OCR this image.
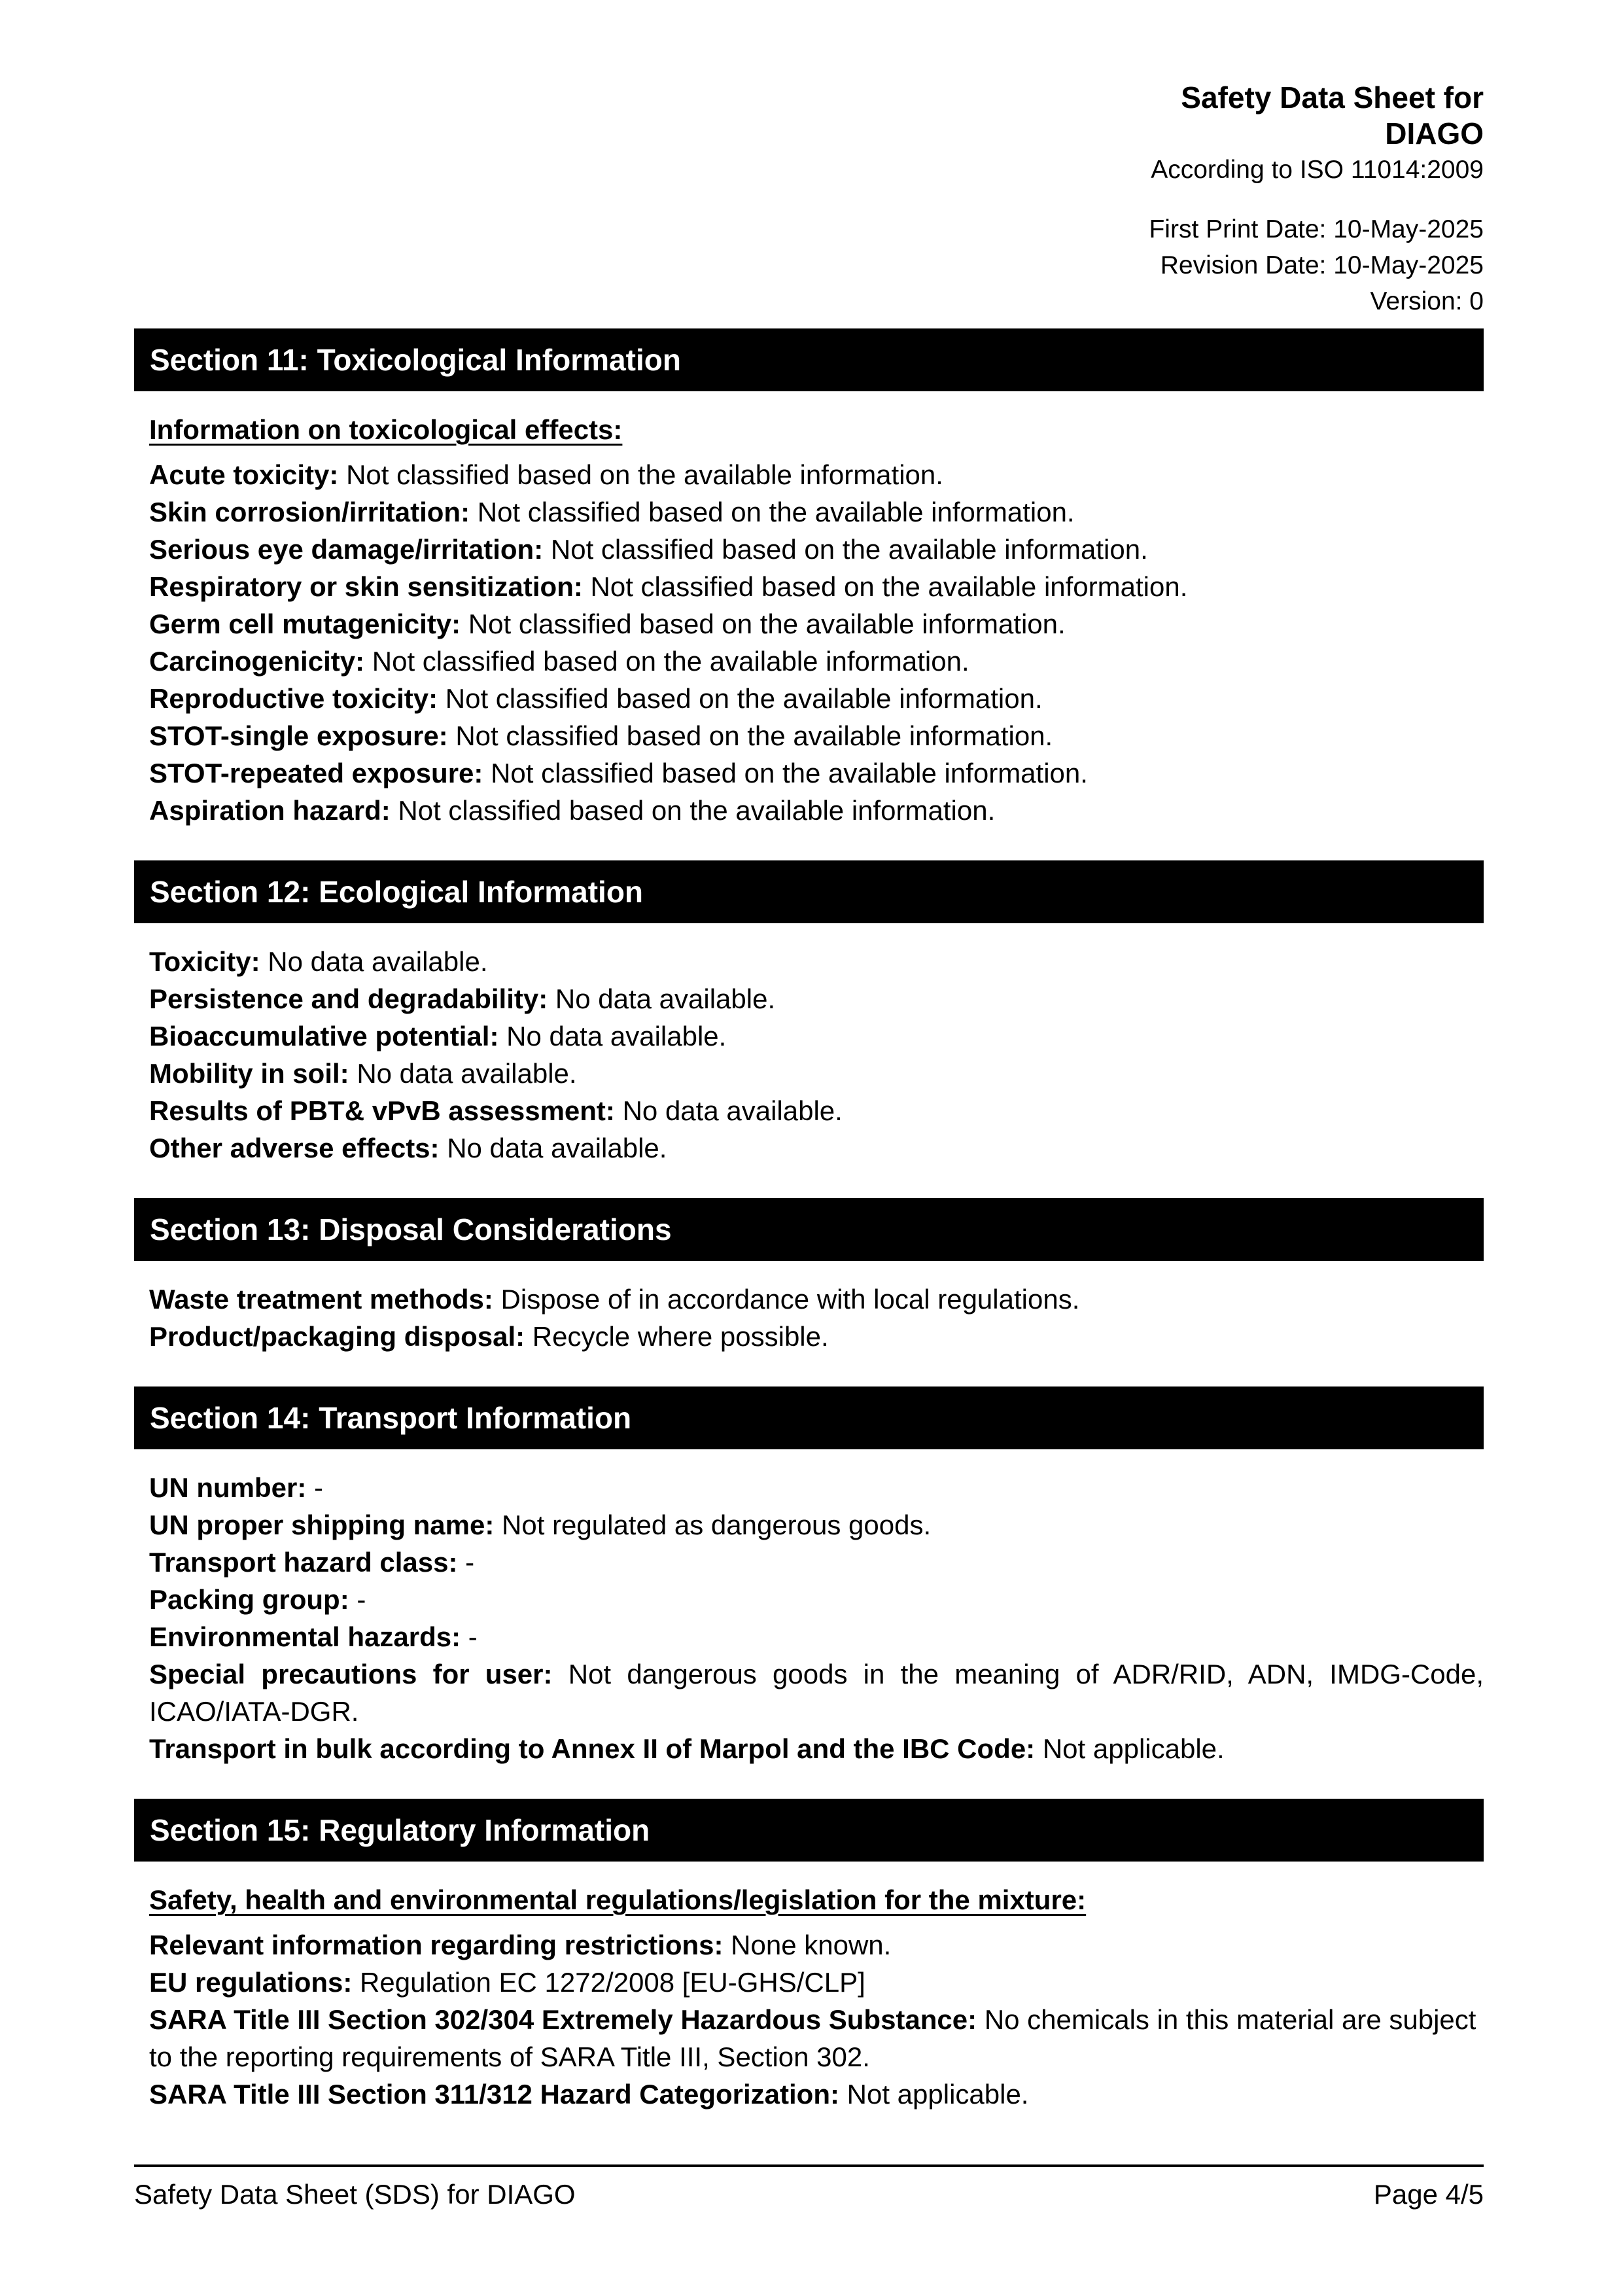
Safety Data Sheet for
DIAGO
According to ISO 11014:2009
First Print Date: 10-May-2025
Revision Date: 10-May-2025
Version: 0
Section 11: Toxicological Information

Information on toxicological effects:

Acute toxicity: Not classified based on the available information.

Skin corrosion/irritation: Not classified based on the available information.

Serious eye damage/irritation: Not classified based on the available information.

Respiratory or skin sensitization: Not classified based on the available information.

Germ cell mutagenicity: Not classified based on the available information.

Carcinogenicity: Not classified based on the available information.

Reproductive toxicity: Not classified based on the available information.

STOT-single exposure: Not classified based on the available information.

STOT-repeated exposure: Not classified based on the available information.

Aspiration hazard: Not classified based on the available information.

Section 12: Ecological Information

Toxicity: No data available.

Persistence and degradability: No data available.

Bioaccumulative potential: No data available.

Mobility in soil: No data available.

Results of PBT& vPvB assessment: No data available.

Other adverse effects: No data available.

Section 13: Disposal Considerations

Waste treatment methods: Dispose of in accordance with local regulations.

Product/packaging disposal: Recycle where possible.

Section 14: Transport Information

UN number: -

UN proper shipping name: Not regulated as dangerous goods.

Transport hazard class: -

Packing group: -

Environmental hazards: -

Special precautions for user: Not dangerous goods in the meaning of ADR/RID, ADN, IMDG-Code, ICAO/IATA-DGR.

Transport in bulk according to Annex II of Marpol and the IBC Code: Not applicable.

Section 15: Regulatory Information

Safety, health and environmental regulations/legislation for the mixture:

Relevant information regarding restrictions: None known.

EU regulations: Regulation EC 1272/2008 [EU-GHS/CLP]

SARA Title III Section 302/304 Extremely Hazardous Substance: No chemicals in this material are subject to the reporting requirements of SARA Title III, Section 302.

SARA Title III Section 311/312 Hazard Categorization: Not applicable.

Safety Data Sheet (SDS) for DIAGO	Page 4/5
